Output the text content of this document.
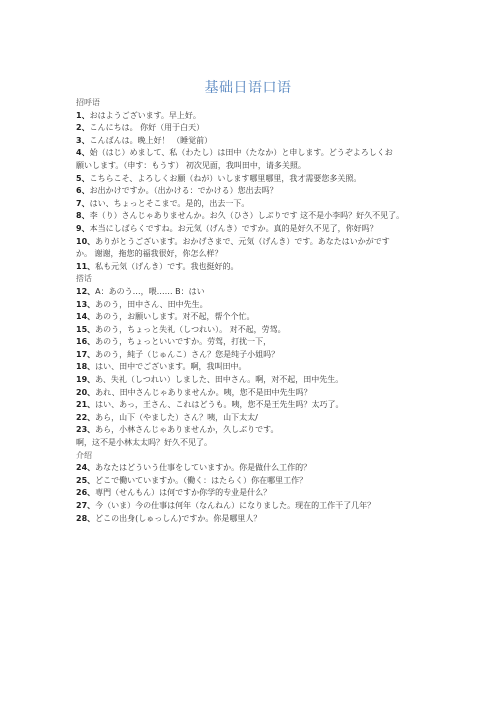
基础日语口语
招呼语
1、おはようございます。早上好。
2、こんにちは。 你好（用于白天）
3、こんばんは。晚上好！ （睡觉前）
4、始（はじ）めまして、私（わたし）は田中（たなか）と申します。どうぞよろしくお
願いします。（申す：もうす） 初次见面，我叫田中，请多关照。
5、こちらこそ、よろしくお願（ねが）いします哪里哪里，我才需要您多关照。
6、お出かけですか。（出かける：でかける）您出去吗？
7、はい、ちょっとそこまで。是的，出去一下。
8、李（り）さんじゃありませんか。お久（ひさ）しぶりです 这不是小李吗？好久不见了。
9、本当にしばらくですね。お元気（げんき）ですか。真的是好久不见了，你好吗？
10、ありがとうございます。おかげさまで、元気（げんき）です。あなたはいかがです
か。 谢谢，拖您的福我很好，你怎么样？
11、私も元気（げんき）です。我也挺好的。
搭话
12、A：あのう…，喂…… B：はい
13、あのう，田中さん、田中先生。
14、あのう，お願いします。对不起，帮个个忙。
15、あのう，ちょっと失礼（しつれい）。 对不起，劳驾。
16、あのう，ちょっといいですか。劳驾，打扰一下，
17、あのう，純子（じゅんこ）さん？您是纯子小姐吗？
18、はい、田中でございます。啊，我叫田中。
19、あ、失礼（しつれい）しました、田中さん。啊，对不起，田中先生。
20、あれ、田中さんじゃありませんか。咦，您不是田中先生吗？
21、はい、あっ，王さん、これはどうも。咦，您不是王先生吗？太巧了。
22、あら，山下（やました）さん？咦，山下太太/
23、あら，小林さんじゃありませんか，久しぶりです。
啊，这不是小林太太吗？好久不见了。
介绍
24、あなたはどういう仕事をしていますか。你是做什么工作的？
25、どこで働いていますか。（働く：はたらく）你在哪里工作？
26、専門（せんもん）は何ですか你学的专业是什么？
27、今（いま）今の仕事は何年（なんねん）になりました。现在的工作干了几年？
28、どこの出身(しゅっしん)ですか。你是哪里人？
